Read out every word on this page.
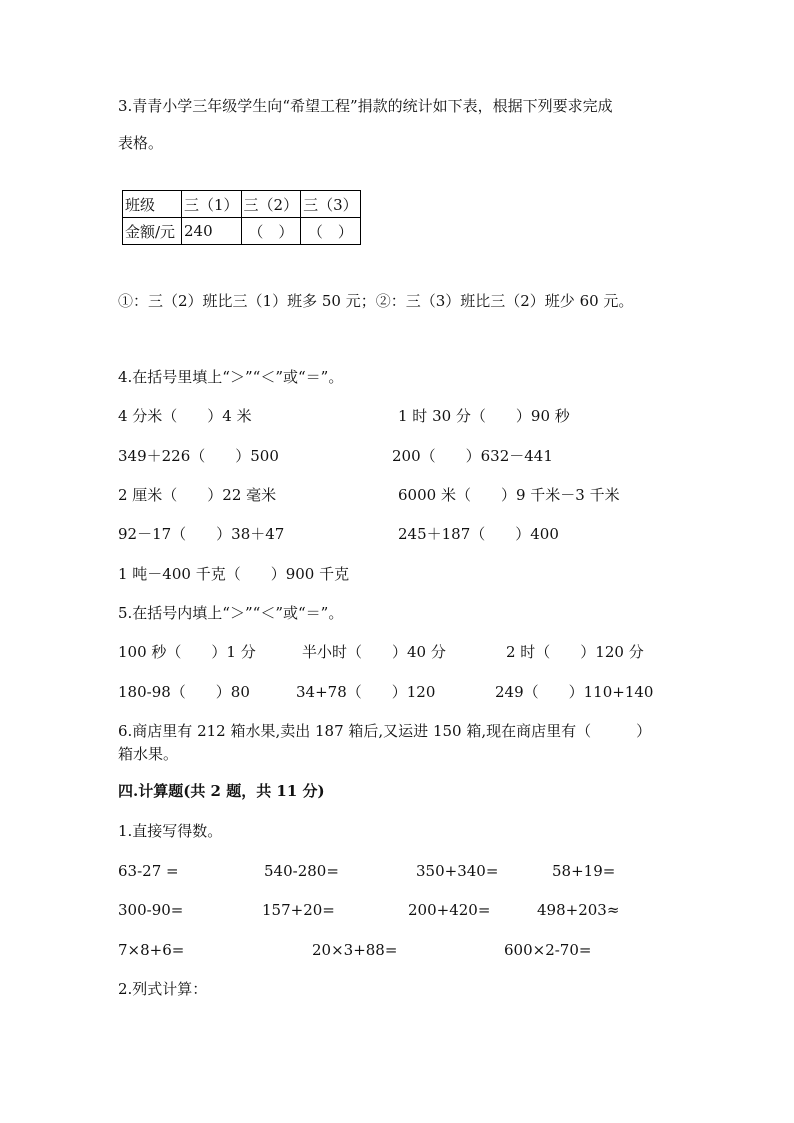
3.青青小学三年级学生向“希望工程”捐款的统计如下表，根据下列要求完成
表格。
班级	三（1）	三（2）	三（3）
金额/元	240	（　）	（　）
①：三（2）班比三（1）班多 50 元；②：三（3）班比三（2）班少 60 元。
4.在括号里填上“＞”“＜”或“＝”。
4 分米（　　）4 米	1 时 30 分（　　）90 秒
349＋226（　　）500	200（　　）632－441
2 厘米（　　）22 毫米	6000 米（　　）9 千米－3 千米
92－17（　　）38＋47	245＋187（　　）400
1 吨－400 千克（　　）900 千克
5.在括号内填上“＞”“＜”或“＝”。
100 秒（　　）1 分	半小时（　　）40 分	2 时（　　）120 分
180-98（　　）80	34+78（　　）120	249（　　）110+140
6.商店里有 212 箱水果,卖出 187 箱后,又运进 150 箱,现在商店里有（　　　）
箱水果。
四.计算题(共 2 题，共 11 分)
1.直接写得数。
63-27 =	540-280=	350+340=	58+19=
300-90=	157+20=	200+420=	498+203≈
7×8+6=	20×3+88=	600×2-70=
2.列式计算：
